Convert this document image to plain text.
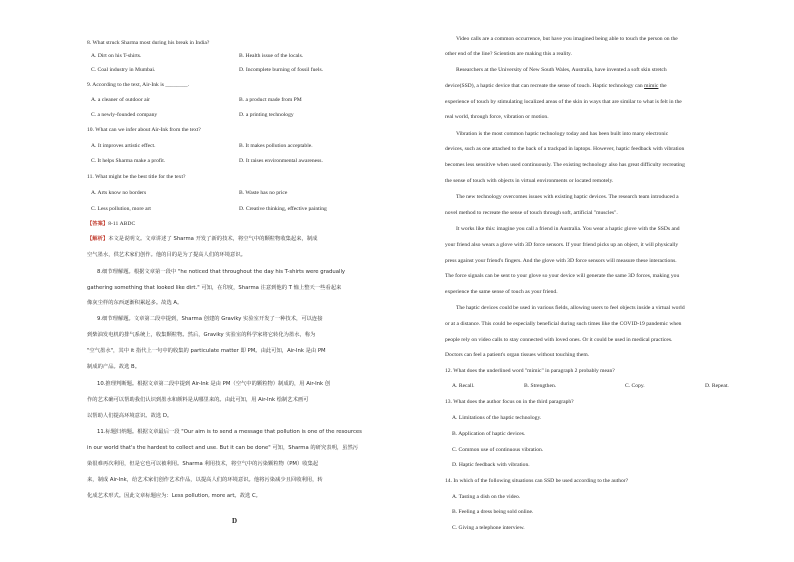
8. What struck Sharma most during his break in India?
A. Dirt on his T-shirts.	B. Health issue of the locals.
C. Coal industry in Mumbai.	D. Incomplete burning of fossil fuels.
9. According to the text, Air-Ink is ________.
A. a cleaner of outdoor air	B. a product made from PM
C. a newly-founded company	D. a printing technology
10. What can we infer about Air-Ink from the text?
A. It improves artistic effect.	B. It makes pollution acceptable.
C. It helps Sharma make a profit.	D. It raises environmental awareness.
11. What might be the best title for the text?
A. Arts know no borders	B. Waste has no price
C. Less pollution, more art	D. Creative thinking, effective painting
【答案】8-11 ABDC
【解析】本文是说明文。文章讲述了 Sharma 开发了新的技术，将空气中的颗粒物收集起来，制成
空气墨水，供艺术家们创作。他的目的是为了提高人们的环境意识。
8.细节理解题。根据文章第一段中 "he noticed that throughout the day his T-shirts were gradually
gathering something that looked like dirt." 可知，在印度，Sharma 注意到他的 T 恤上整天一些看起来
像灰尘样的东西逐渐积累起多。故选 A。
9.细节理解题。文章第二段中提到，Sharma 创建的 Graviky 实验室开发了一种技术，可以连接
到柴油发电机的排气系统上，收集颗粒物。然后，Graviky 实验室的科学家将它转化为墨水，称为
"空气墨水"，其中 it 指代上一句中的收集的 particulate matter 即 PM。由此可知，Air-Ink 是由 PM
制成的产品。故选 B。
10.推理判断题。根据文章第二段中提到 Air-Ink 是由 PM（空气中的颗粒物）制成的，用 Air-Ink 创
作的艺术确可以帮助我们认识到墨水和颜料是从哪里来的。由此可知，用 Air-Ink 绘制艺术画可
以帮助人们提高环境意识。故选 D。
11.标题归纳题。根据文章最后一段 "Our aim is to send a message that pollution is one of the resources
in our world that's the hardest to collect and use. But it can be done" 可知，Sharma 的研究表明，虽然污
染很难再次利用，但是它也可以被利用。Sharma 利用技术，将空气中的污染颗粒物（PM）收集起
来，制成 Air-Ink，给艺术家们创作艺术作品，以提高人们的环境意识。他将污染减少且回收利用，转
化成艺术形式。因此文章标题应为：Less pollution, more art。故选 C。
D
Video calls are a common occurrence, but have you imagined being able to touch the person on the
other end of the line? Scientists are making this a reality.
Researchers at the University of New South Wales, Australia, have invented a soft skin stretch
device(SSD), a haptic device that can recreate the sense of touch. Haptic technology can mimic the
experience of touch by stimulating localized areas of the skin in ways that are similar to what is felt in the
real world, through force, vibration or motion.
Vibration is the most common haptic technology today and has been built into many electronic
devices, such as one attached to the back of a trackpad in laptops. However, haptic feedback with vibration
becomes less sensitive when used continuously. The existing technology also has great difficulty recreating
the sense of touch with objects in virtual environments or located remotely.
The new technology overcomes issues with existing haptic devices. The research team introduced a
novel method to recreate the sense of touch through soft, artificial "muscles".
It works like this: imagine you call a friend in Australia. You wear a haptic glove with the SSDs and
your friend also wears a glove with 3D force sensors. If your friend picks up an object, it will physically
press against your friend's fingers. And the glove with 3D force sensors will measure these interactions.
The force signals can be sent to your glove so your device will generate the same 3D forces, making you
experience the same sense of touch as your friend.
The haptic devices could be used in various fields, allowing users to feel objects inside a virtual world
or at a distance. This could be especially beneficial during such times like the COVID-19 pandemic when
people rely on video calls to stay connected with loved ones. Or it could be used in medical practices.
Doctors can feel a patient's organ tissues without touching them.
12. What does the underlined word "mimic" in paragraph 2 probably mean?
A. Recall.	B. Strengthen.	C. Copy.	D. Repeat.
13. What does the author focus on in the third paragraph?
A. Limitations of the haptic technology.
B. Application of haptic devices.
C. Common use of continuous vibration.
D. Haptic feedback with vibration.
14. In which of the following situations can SSD be used according to the author?
A. Tasting a dish on the video.
B. Feeling a dress being sold online.
C. Giving a telephone interview.
